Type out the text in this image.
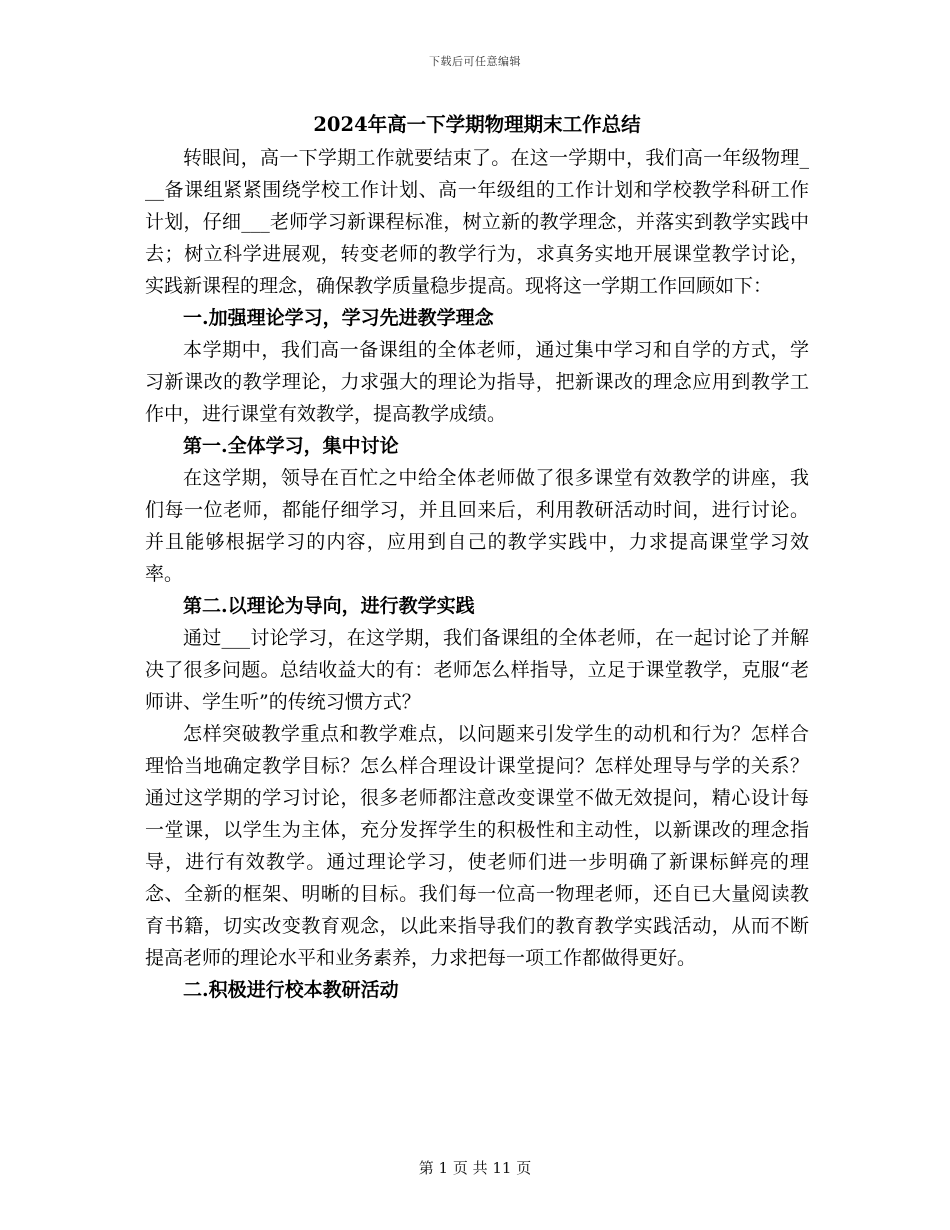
下载后可任意编辑
2024年高一下学期物理期末工作总结

转眼间，高一下学期工作就要结束了。在这一学期中，我们高一年级物理___备课组紧紧围绕学校工作计划、高一年级组的工作计划和学校教学科研工作计划，仔细___老师学习新课程标准，树立新的教学理念，并落实到教学实践中去；树立科学进展观，转变老师的教学行为，求真务实地开展课堂教学讨论，实践新课程的理念，确保教学质量稳步提高。现将这一学期工作回顾如下：

一.加强理论学习，学习先进教学理念

本学期中，我们高一备课组的全体老师，通过集中学习和自学的方式，学习新课改的教学理论，力求强大的理论为指导，把新课改的理念应用到教学工作中，进行课堂有效教学，提高教学成绩。

第一.全体学习，集中讨论

在这学期，领导在百忙之中给全体老师做了很多课堂有效教学的讲座，我们每一位老师，都能仔细学习，并且回来后，利用教研活动时间，进行讨论。并且能够根据学习的内容，应用到自己的教学实践中，力求提高课堂学习效率。

第二.以理论为导向，进行教学实践

通过___讨论学习，在这学期，我们备课组的全体老师，在一起讨论了并解决了很多问题。总结收益大的有：老师怎么样指导，立足于课堂教学，克服“老师讲、学生听”的传统习惯方式？

怎样突破教学重点和教学难点，以问题来引发学生的动机和行为？怎样合理恰当地确定教学目标？怎么样合理设计课堂提问？怎样处理导与学的关系？通过这学期的学习讨论，很多老师都注意改变课堂不做无效提问，精心设计每一堂课，以学生为主体，充分发挥学生的积极性和主动性，以新课改的理念指导，进行有效教学。通过理论学习，使老师们进一步明确了新课标鲜亮的理念、全新的框架、明晰的目标。我们每一位高一物理老师，还自已大量阅读教育书籍，切实改变教育观念，以此来指导我们的教育教学实践活动，从而不断提高老师的理论水平和业务素养，力求把每一项工作都做得更好。

二.积极进行校本教研活动

第 1 页 共 11 页
